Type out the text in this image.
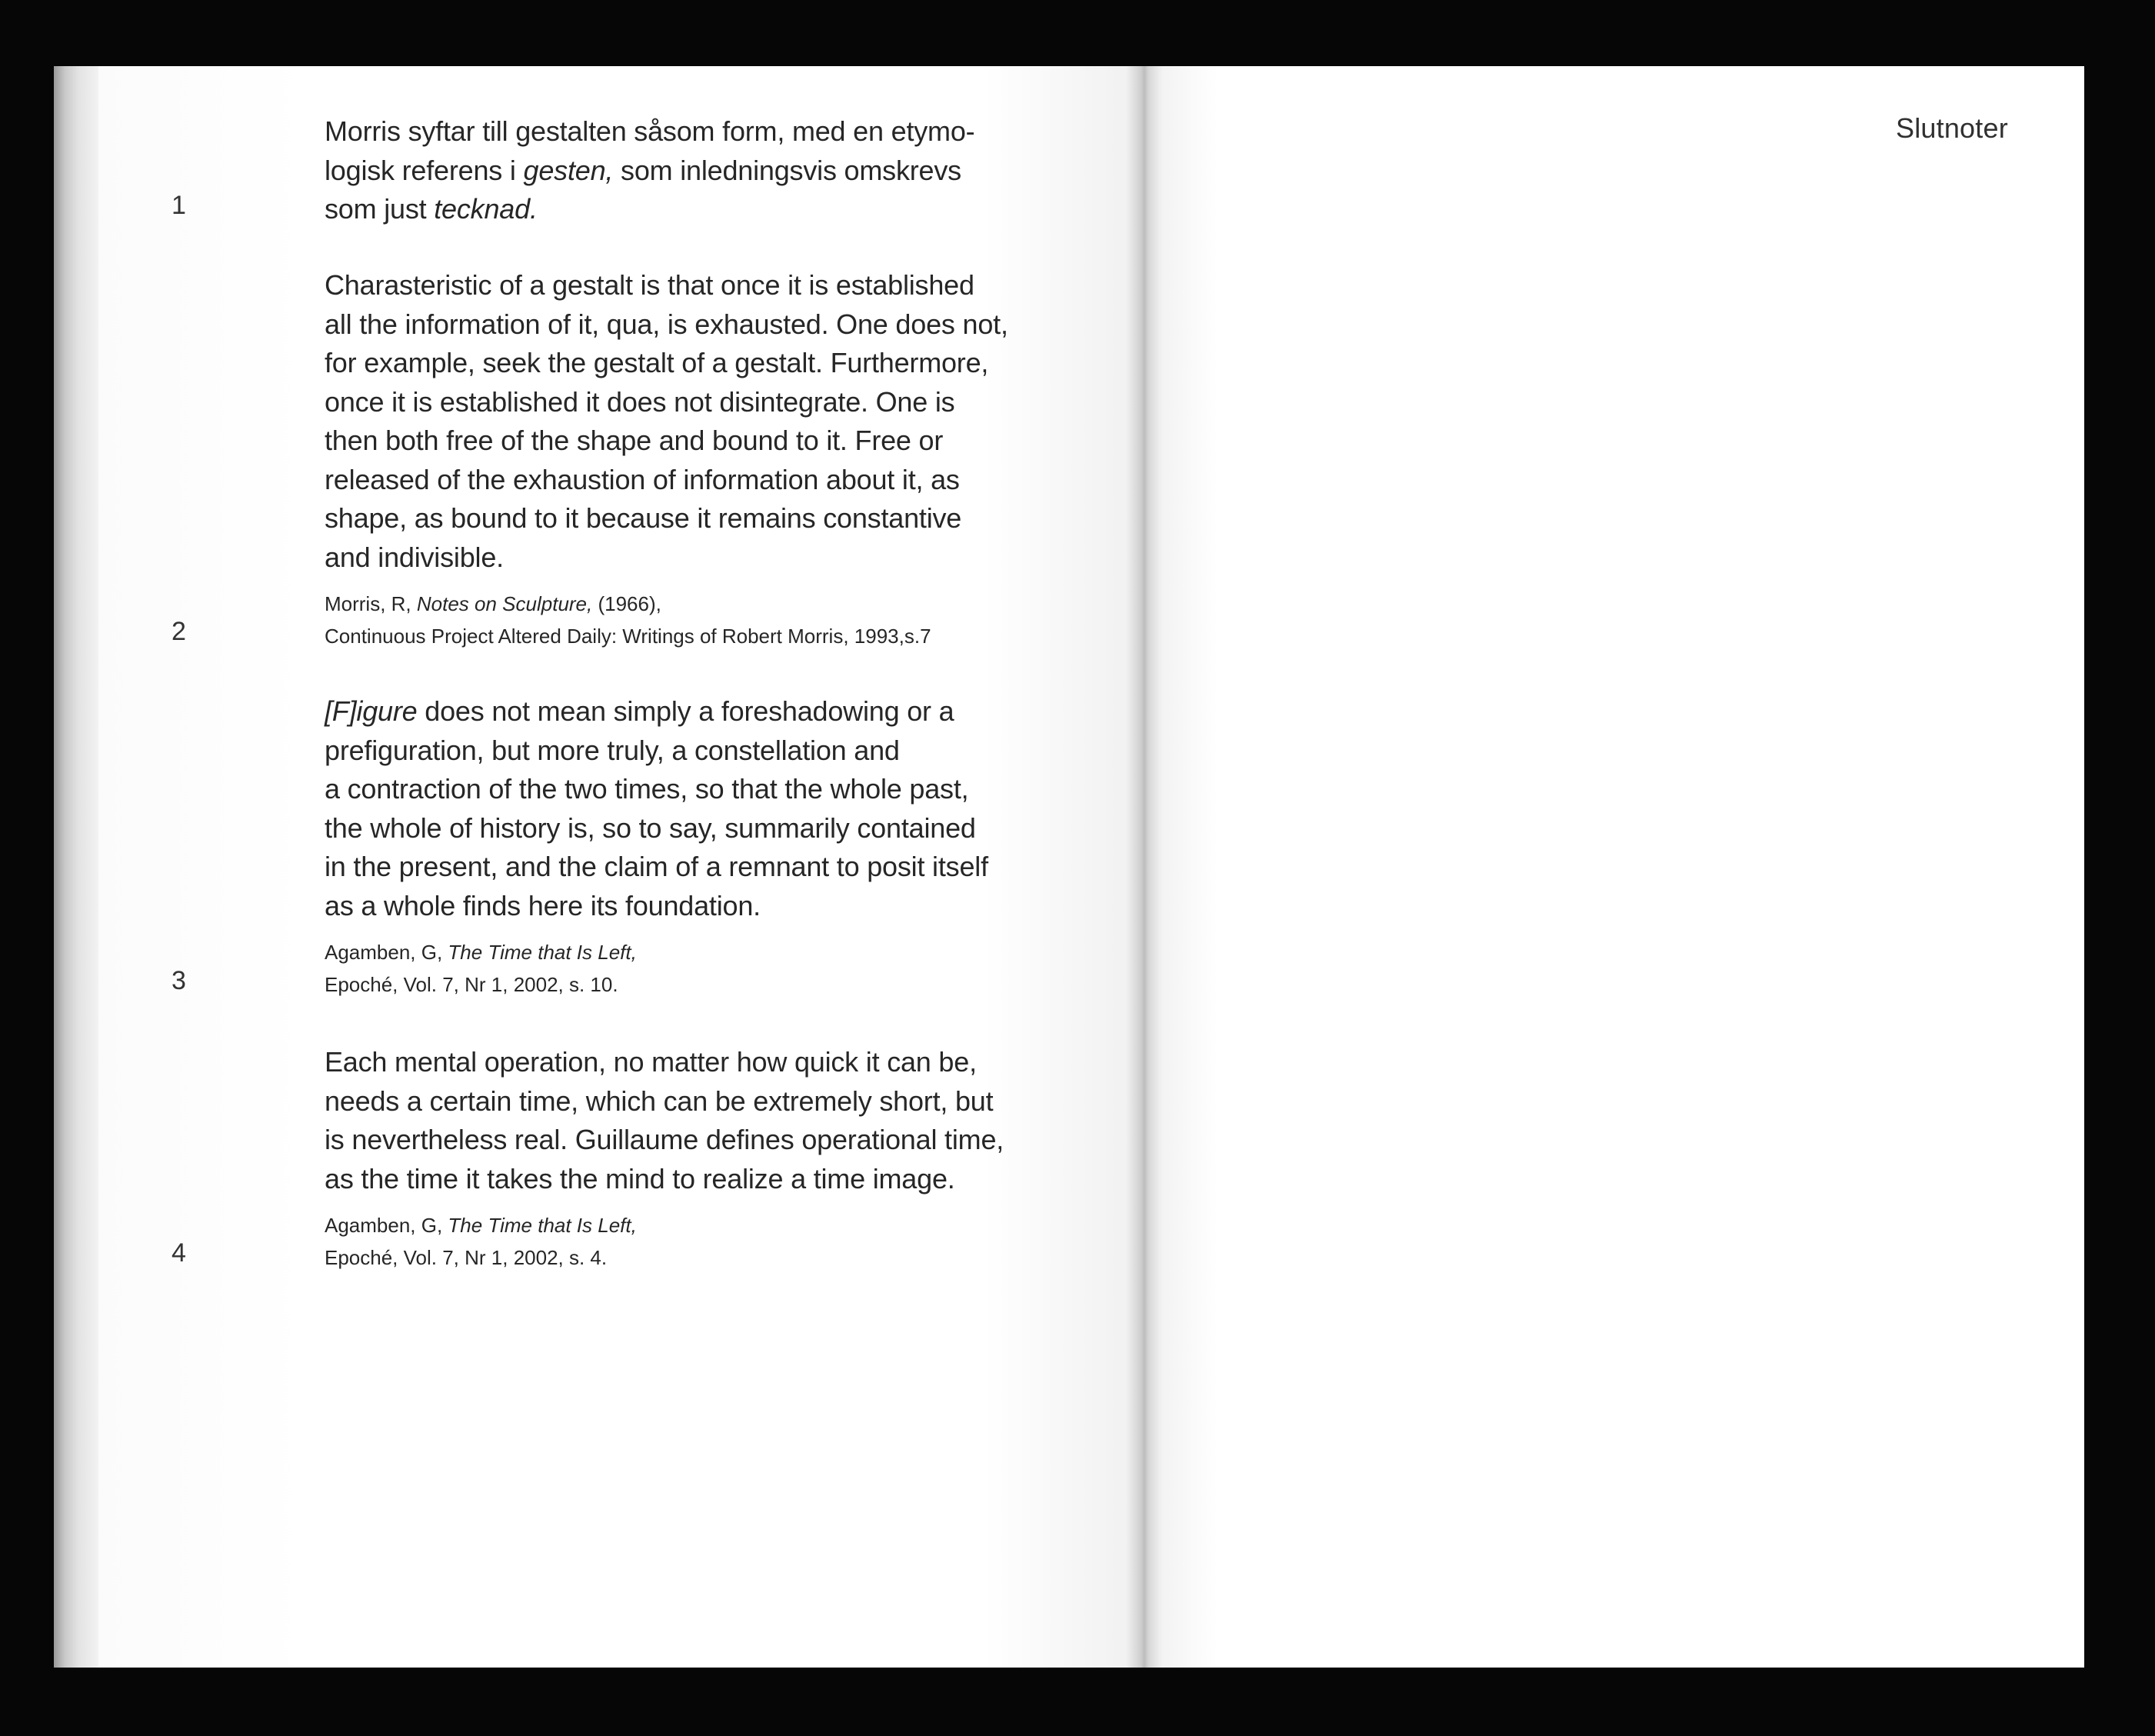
1

Morris syftar till gestalten såsom form, med en etymo-
logisk referens i gesten, som inledningsvis omskrevs
som just tecknad.

2

Charasteristic of a gestalt is that once it is established
all the information of it, qua, is exhausted. One does not,
for example, seek the gestalt of a gestalt. Furthermore,
once it is established it does not disintegrate. One is
then both free of the shape and bound to it. Free or
released of the exhaustion of information about it, as
shape, as bound to it because it remains constantive
and indivisible.

Morris, R, Notes on Sculpture, (1966),
Continuous Project Altered Daily: Writings of Robert Morris, 1993,s.7

3

[F]igure does not mean simply a foreshadowing or a
prefiguration, but more truly, a constellation and
a contraction of the two times, so that the whole past,
the whole of history is, so to say, summarily contained
in the present, and the claim of a remnant to posit itself
as a whole finds here its foundation.

Agamben, G, The Time that Is Left,
Epoché, Vol. 7, Nr 1, 2002, s. 10.

4

Each mental operation, no matter how quick it can be,
needs a certain time, which can be extremely short, but
is nevertheless real. Guillaume defines operational time,
as the time it takes the mind to realize a time image.

Agamben, G, The Time that Is Left,
Epoché, Vol. 7, Nr 1, 2002, s. 4.

Slutnoter
